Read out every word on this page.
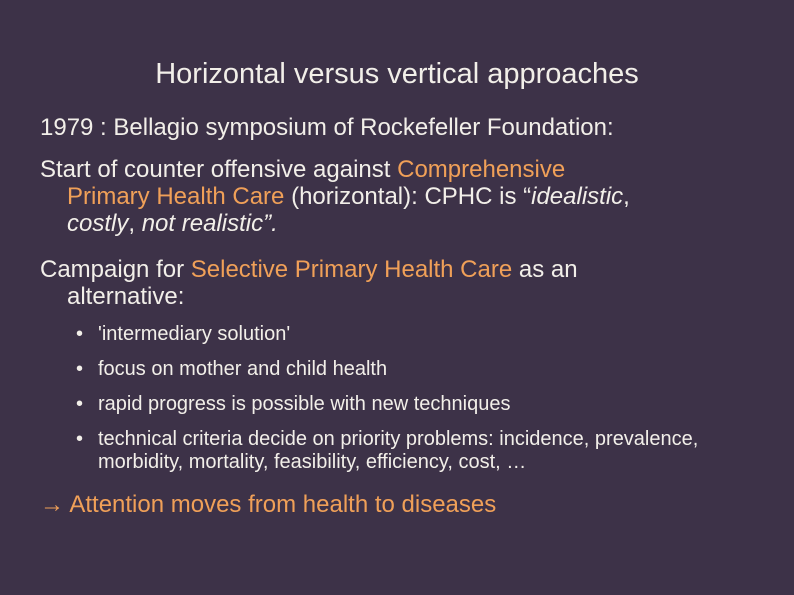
Horizontal versus vertical approaches
1979 : Bellagio symposium of Rockefeller Foundation:
Start of counter offensive against Comprehensive
Primary Health Care (horizontal): CPHC is “idealistic,
costly, not realistic”.
Campaign for Selective Primary Health Care as an
alternative:
• 'intermediary solution'
• focus on mother and child health
• rapid progress is possible with new techniques
• technical criteria decide on priority problems: incidence, prevalence, morbidity, mortality, feasibility, efficiency, cost, …
→ Attention moves from health to diseases
